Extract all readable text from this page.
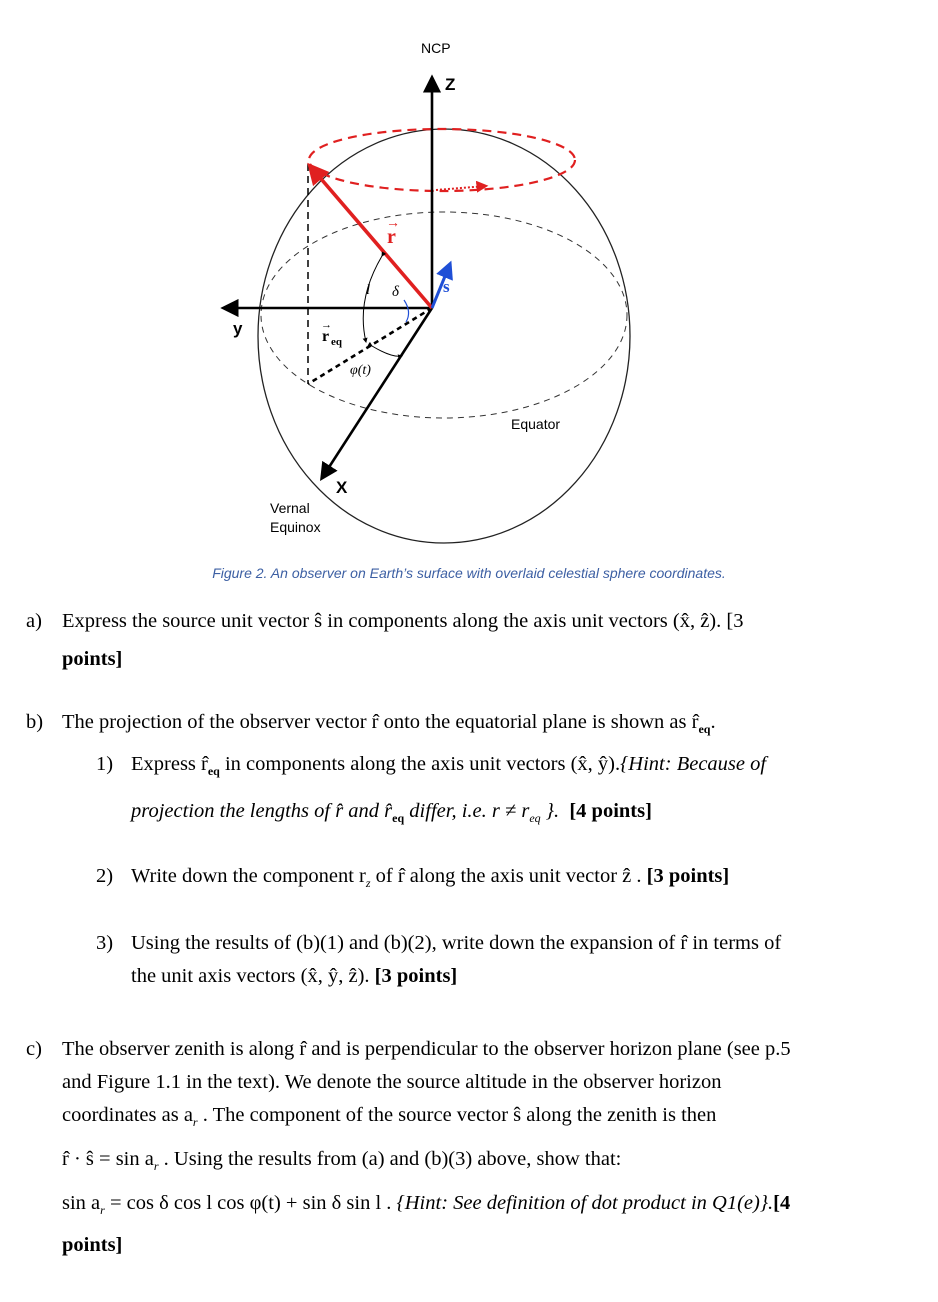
NCP
Z
y
X
r
→
s
→
r eq
→
l δ
φ(t)
Equator
Vernal
Equinox
Figure 2. An observer on Earth’s surface with overlaid celestial sphere coordinates.
a) Express the source unit vector ŝ in components along the axis unit vectors (x̂, ẑ). [3
points]
b) The projection of the observer vector r̂ onto the equatorial plane is shown as $r̂_{eq}$.
1) Express $r̂_{eq}$ in components along the axis unit vectors (x̂, ŷ).{Hint: Because of
projection the lengths of r̂ and $r̂_{eq}$ differ, i.e. $r \ne r_{eq}$ }. [4 points]
2) Write down the component $r_z$ of r̂ along the axis unit vector ẑ . [3 points]
3) Using the results of (b)(1) and (b)(2), write down the expansion of r̂ in terms of
the unit axis vectors (x̂, ŷ, ẑ). [3 points]
c) The observer zenith is along r̂ and is perpendicular to the observer horizon plane (see p.5
and Figure 1.1 in the text). We denote the source altitude in the observer horizon
coordinates as $a_r$ . The component of the source vector ŝ along the zenith is then
r̂ · ŝ = $\sin a_r$ . Using the results from (a) and (b)(3) above, show that:
$\sin a_r = \cos \delta$ cos l cos φ(t) + sin δ sin l . {Hint: See definition of dot product in Q1(e)}.[4
points]
